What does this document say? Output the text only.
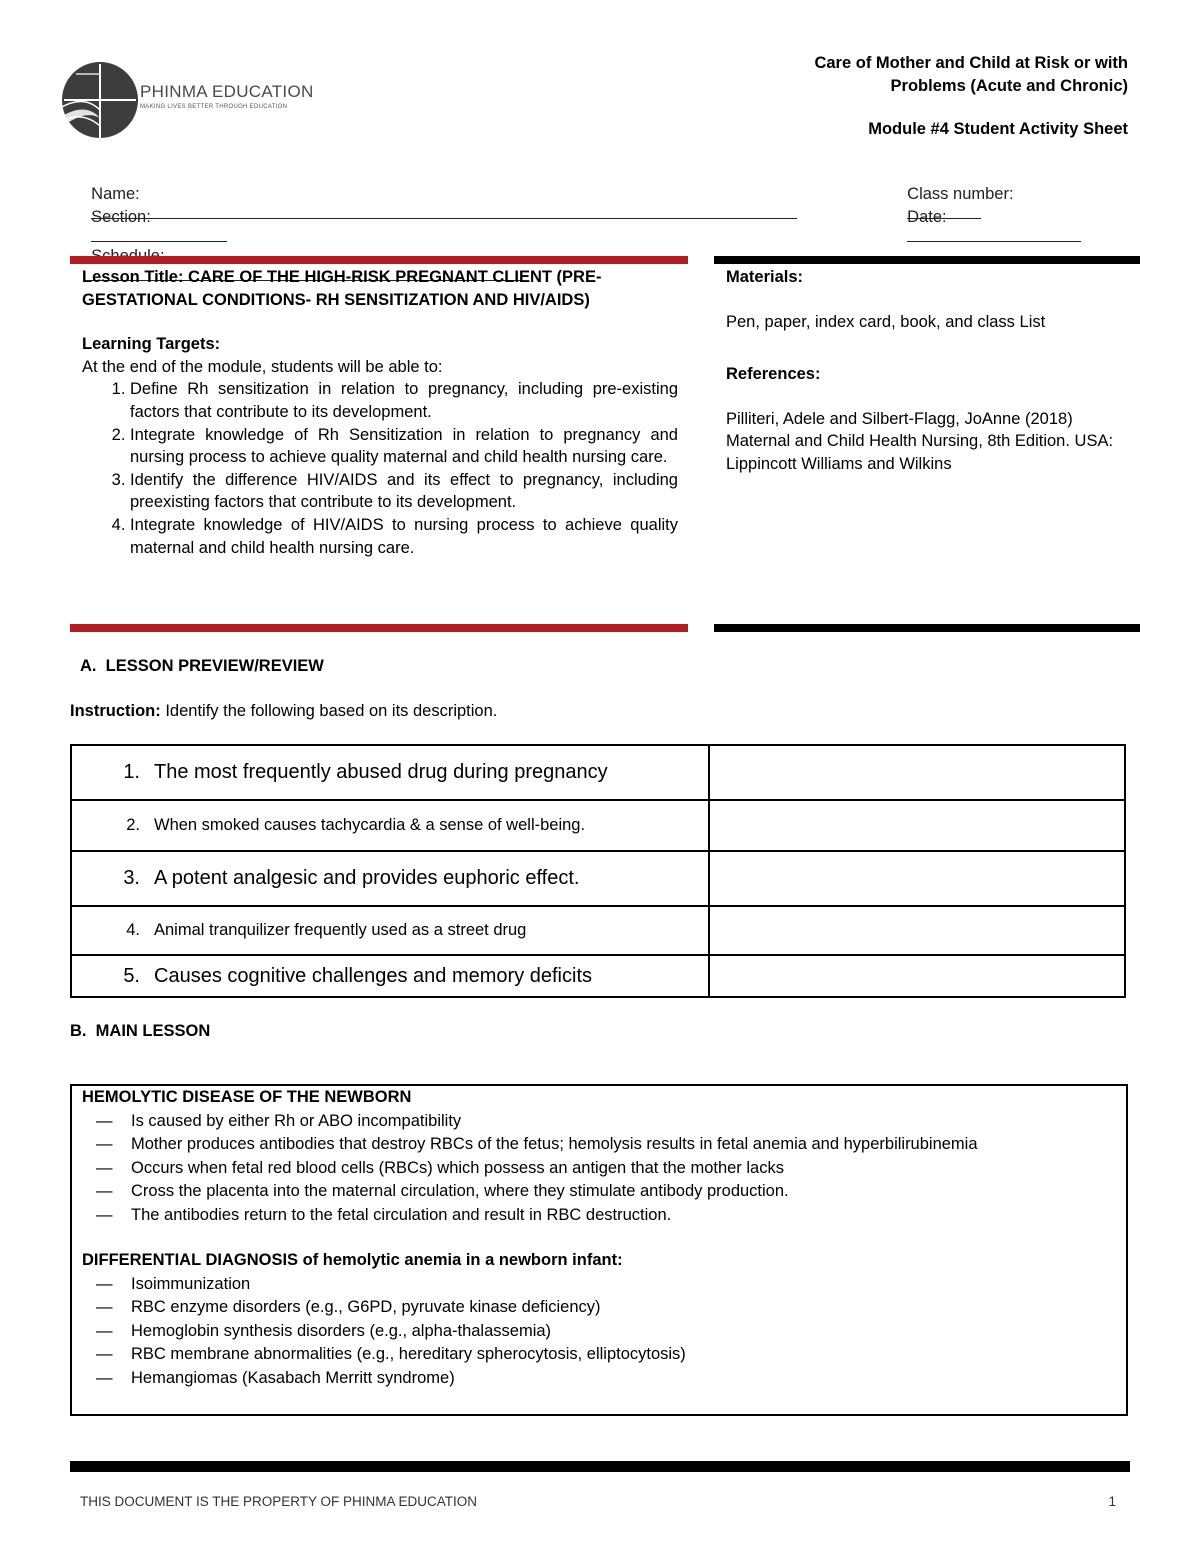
PHINMA EDUCATION
MAKING LIVES BETTER THROUGH EDUCATION
Care of Mother and Child at Risk or with
Problems (Acute and Chronic)
Module #4 Student Activity Sheet

Name:
	Class number:

Section:

	Date:

Lesson Title: CARE OF THE HIGH-RISK PREGNANT CLIENT (PRE-GESTATIONAL CONDITIONS- RH SENSITIZATION AND HIV/AIDS)
Learning Targets:
At the end of the module, students will be able to:
1. Define Rh sensitization in relation to pregnancy, including pre-existing factors that contribute to its development.
2. Integrate knowledge of Rh Sensitization in relation to pregnancy and nursing process to achieve quality maternal and child health nursing care.
3. Identify the difference HIV/AIDS and its effect to pregnancy, including preexisting factors that contribute to its development.
4. Integrate knowledge of HIV/AIDS to nursing process to achieve quality maternal and child health nursing care.
Materials:
Pen, paper, index card, book, and class List
References:
Pilliteri, Adele and Silbert-Flagg, JoAnne (2018) Maternal and Child Health Nursing, 8th Edition. USA: Lippincott Williams and Wilkins
A.  LESSON PREVIEW/REVIEW
Instruction: Identify the following based on its description.
1. The most frequently abused drug during pregnancy	
2. When smoked causes tachycardia & a sense of well-being.	
3. A potent analgesic and provides euphoric effect.	
4. Animal tranquilizer frequently used as a street drug	
5. Causes cognitive challenges and memory deficits	
B.  MAIN LESSON
HEMOLYTIC DISEASE OF THE NEWBORN
— Is caused by either Rh or ABO incompatibility
— Mother produces antibodies that destroy RBCs of the fetus; hemolysis results in fetal anemia and hyperbilirubinemia
— Occurs when fetal red blood cells (RBCs) which possess an antigen that the mother lacks
— Cross the placenta into the maternal circulation, where they stimulate antibody production.
— The antibodies return to the fetal circulation and result in RBC destruction.
DIFFERENTIAL DIAGNOSIS of hemolytic anemia in a newborn infant:
— Isoimmunization
— RBC enzyme disorders (e.g., G6PD, pyruvate kinase deficiency)
— Hemoglobin synthesis disorders (e.g., alpha-thalassemia)
— RBC membrane abnormalities (e.g., hereditary spherocytosis, elliptocytosis)
— Hemangiomas (Kasabach Merritt syndrome)
THIS DOCUMENT IS THE PROPERTY OF PHINMA EDUCATION	1
